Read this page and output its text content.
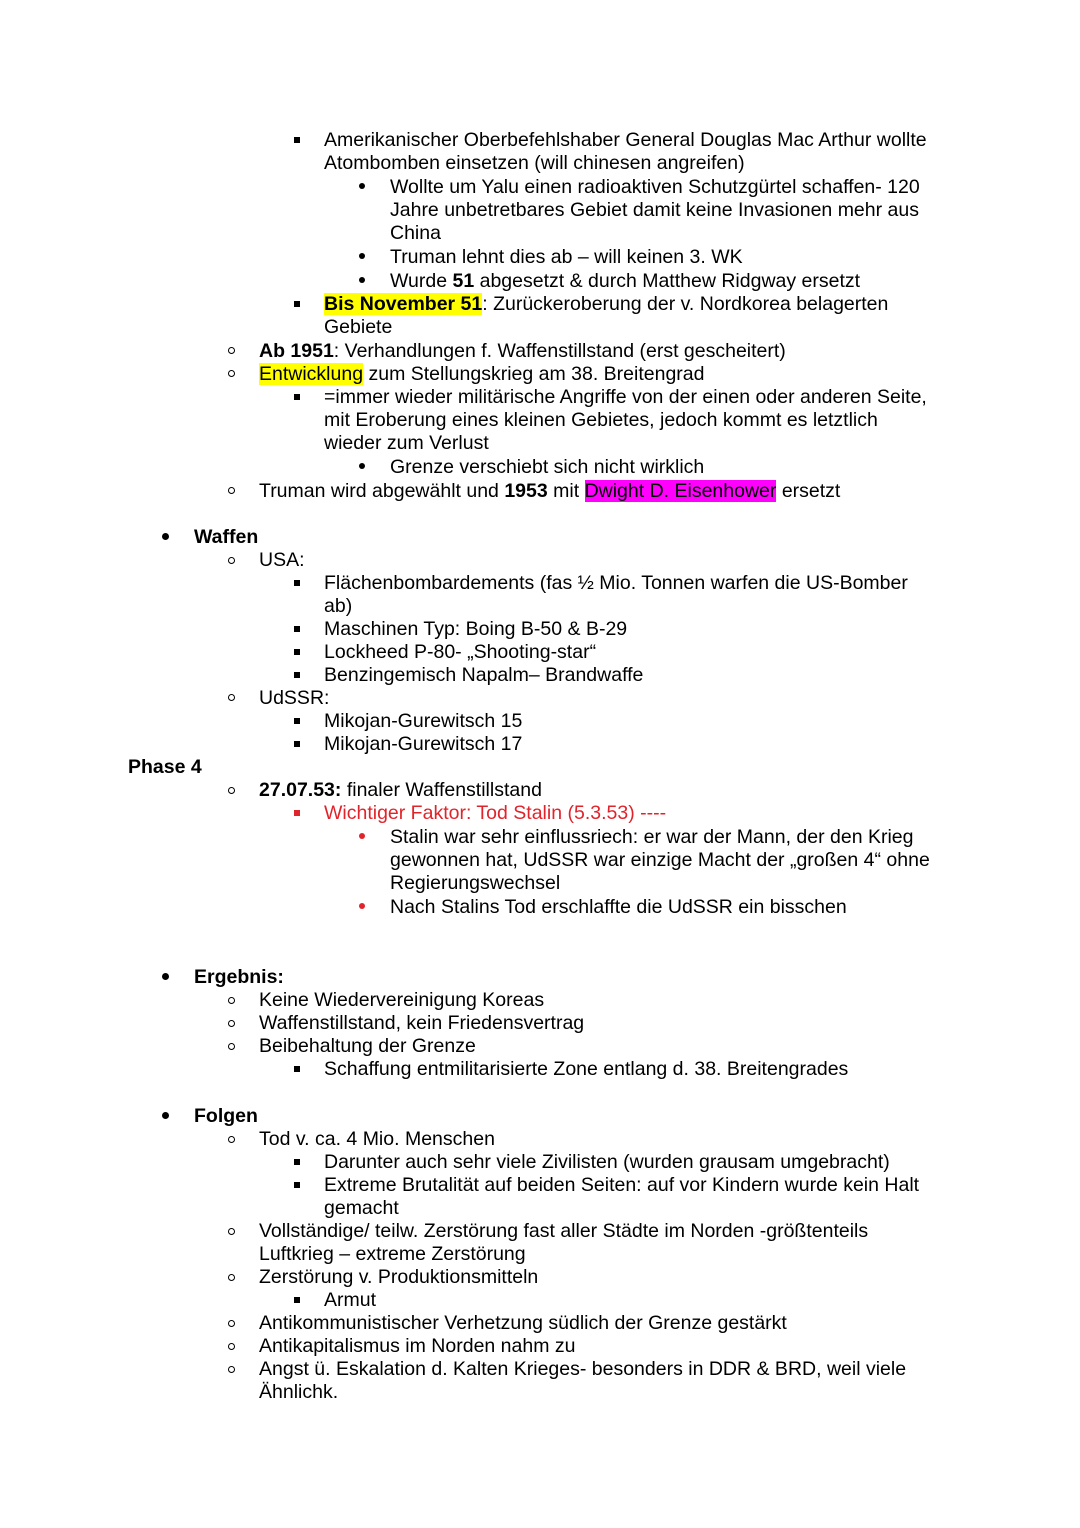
Amerikanischer Oberbefehlshaber General Douglas Mac Arthur wollte
Atombomben einsetzen (will chinesen angreifen)
Wollte um Yalu einen radioaktiven Schutzgürtel schaffen- 120
Jahre unbetretbares Gebiet damit keine Invasionen mehr aus
China
Truman lehnt dies ab – will keinen 3. WK
Wurde 51 abgesetzt & durch Matthew Ridgway ersetzt
Bis November 51: Zurückeroberung der v. Nordkorea belagerten
Gebiete
Ab 1951: Verhandlungen f. Waffenstillstand (erst gescheitert)
Entwicklung zum Stellungskrieg am 38. Breitengrad
=immer wieder militärische Angriffe von der einen oder anderen Seite,
mit Eroberung eines kleinen Gebietes, jedoch kommt es letztlich
wieder zum Verlust
Grenze verschiebt sich nicht wirklich
Truman wird abgewählt und 1953 mit Dwight D. Eisenhower ersetzt
Waffen
USA:
Flächenbombardements (fas ½ Mio. Tonnen warfen die US-Bomber
ab)
Maschinen Typ: Boing B-50 & B-29
Lockheed P-80- „Shooting-star“
Benzingemisch Napalm– Brandwaffe
UdSSR:
Mikojan-Gurewitsch 15
Mikojan-Gurewitsch 17
Phase 4
27.07.53: finaler Waffenstillstand
Wichtiger Faktor: Tod Stalin (5.3.53) ----
Stalin war sehr einflussriech: er war der Mann, der den Krieg
gewonnen hat, UdSSR war einzige Macht der „großen 4“ ohne
Regierungswechsel
Nach Stalins Tod erschlaffte die UdSSR ein bisschen
Ergebnis:
Keine Wiedervereinigung Koreas
Waffenstillstand, kein Friedensvertrag
Beibehaltung der Grenze
Schaffung entmilitarisierte Zone entlang d. 38. Breitengrades
Folgen
Tod v. ca. 4 Mio. Menschen
Darunter auch sehr viele Zivilisten (wurden grausam umgebracht)
Extreme Brutalität auf beiden Seiten: auf vor Kindern wurde kein Halt
gemacht
Vollständige/ teilw. Zerstörung fast aller Städte im Norden -größtenteils
Luftkrieg – extreme Zerstörung
Zerstörung v. Produktionsmitteln
Armut
Antikommunistischer Verhetzung südlich der Grenze gestärkt
Antikapitalismus im Norden nahm zu
Angst ü. Eskalation d. Kalten Krieges- besonders in DDR & BRD, weil viele
Ähnlichk.
